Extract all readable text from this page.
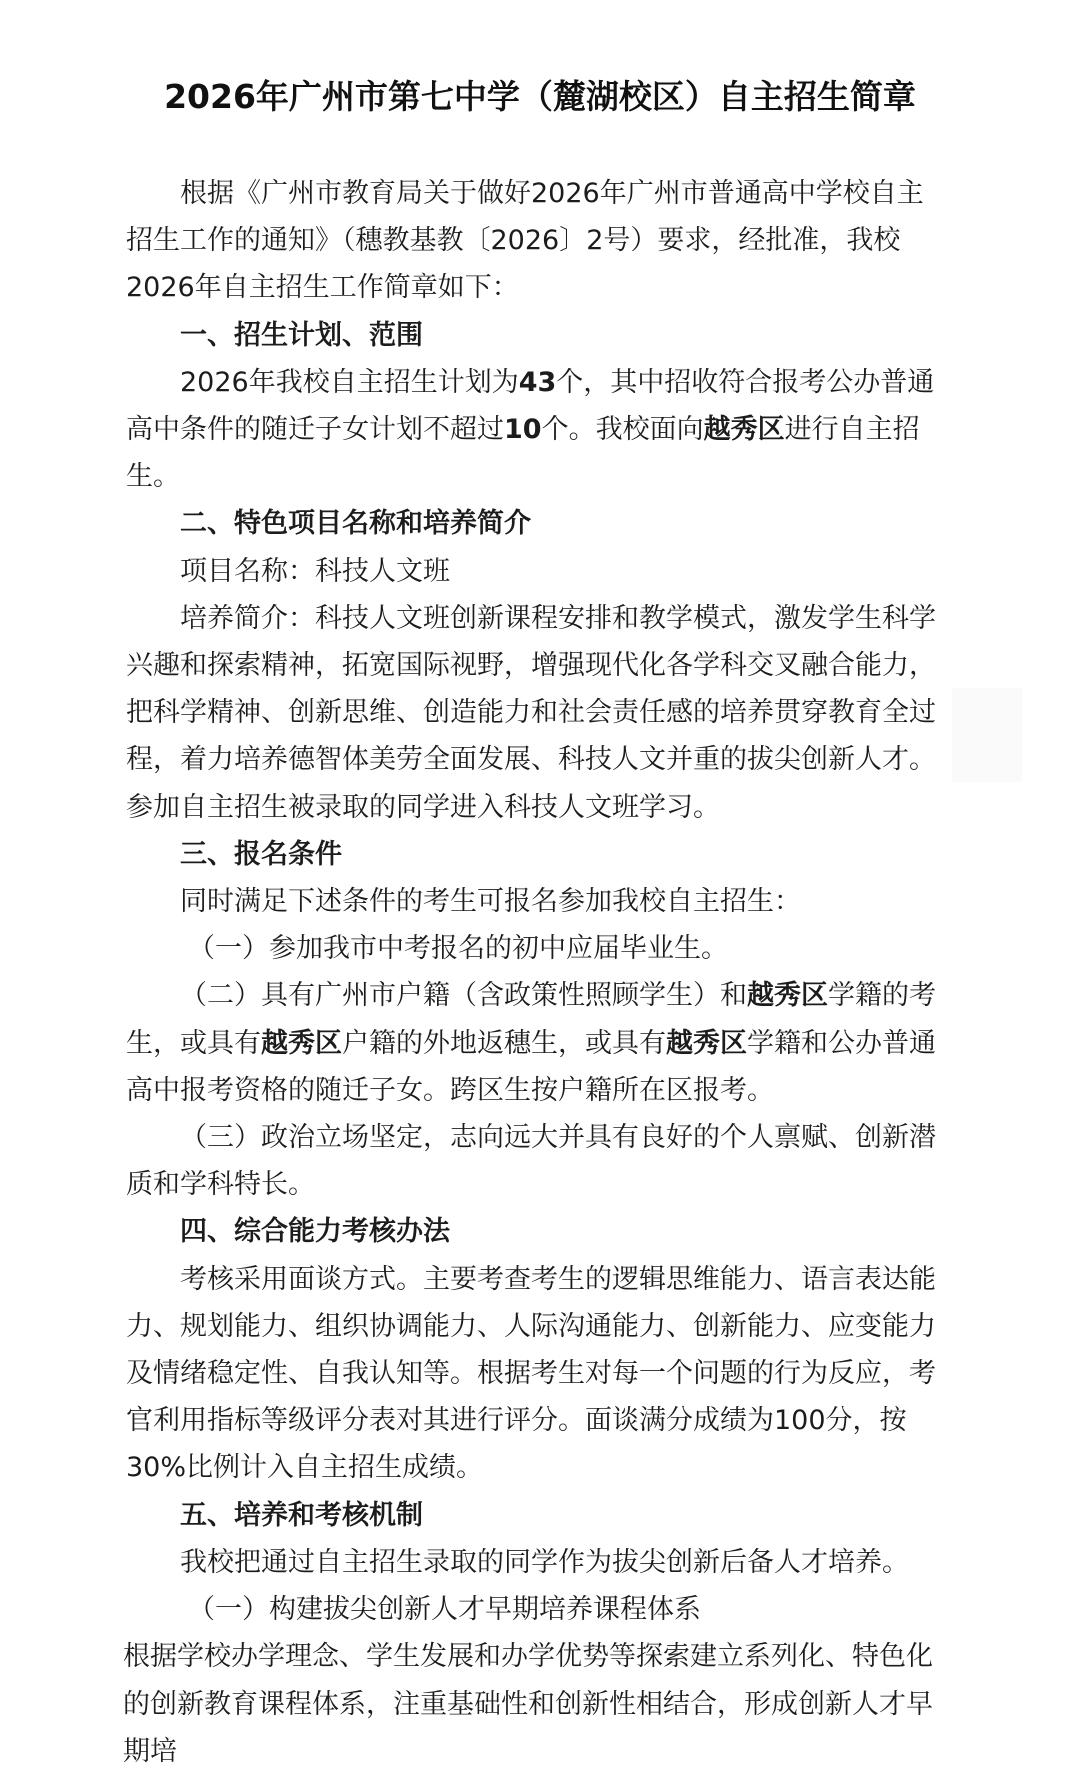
2026年广州市第七中学（麓湖校区）自主招生简章

根据《广州市教育局关于做好2026年广州市普通高中学校自主招生工作的通知》（穗教基教〔2026〕2号）要求，经批准，我校2026年自主招生工作简章如下：

一、招生计划、范围

2026年我校自主招生计划为43个，其中招收符合报考公办普通高中条件的随迁子女计划不超过10个。我校面向越秀区进行自主招生。

二、特色项目名称和培养简介

项目名称：科技人文班

培养简介：科技人文班创新课程安排和教学模式，激发学生科学兴趣和探索精神，拓宽国际视野，增强现代化各学科交叉融合能力，把科学精神、创新思维、创造能力和社会责任感的培养贯穿教育全过程，着力培养德智体美劳全面发展、科技人文并重的拔尖创新人才。参加自主招生被录取的同学进入科技人文班学习。

三、报名条件

同时满足下述条件的考生可报名参加我校自主招生：

（一）参加我市中考报名的初中应届毕业生。

（二）具有广州市户籍（含政策性照顾学生）和越秀区学籍的考生，或具有越秀区户籍的外地返穗生，或具有越秀区学籍和公办普通高中报考资格的随迁子女。跨区生按户籍所在区报考。

（三）政治立场坚定，志向远大并具有良好的个人禀赋、创新潜质和学科特长。

四、综合能力考核办法

考核采用面谈方式。主要考查考生的逻辑思维能力、语言表达能力、规划能力、组织协调能力、人际沟通能力、创新能力、应变能力及情绪稳定性、自我认知等。根据考生对每一个问题的行为反应，考官利用指标等级评分表对其进行评分。面谈满分成绩为100分，按30%比例计入自主招生成绩。

五、培养和考核机制

我校把通过自主招生录取的同学作为拔尖创新后备人才培养。

（一）构建拔尖创新人才早期培养课程体系

根据学校办学理念、学生发展和办学优势等探索建立系列化、特色化的创新教育课程体系，注重基础性和创新性相结合，形成创新人才早期培
